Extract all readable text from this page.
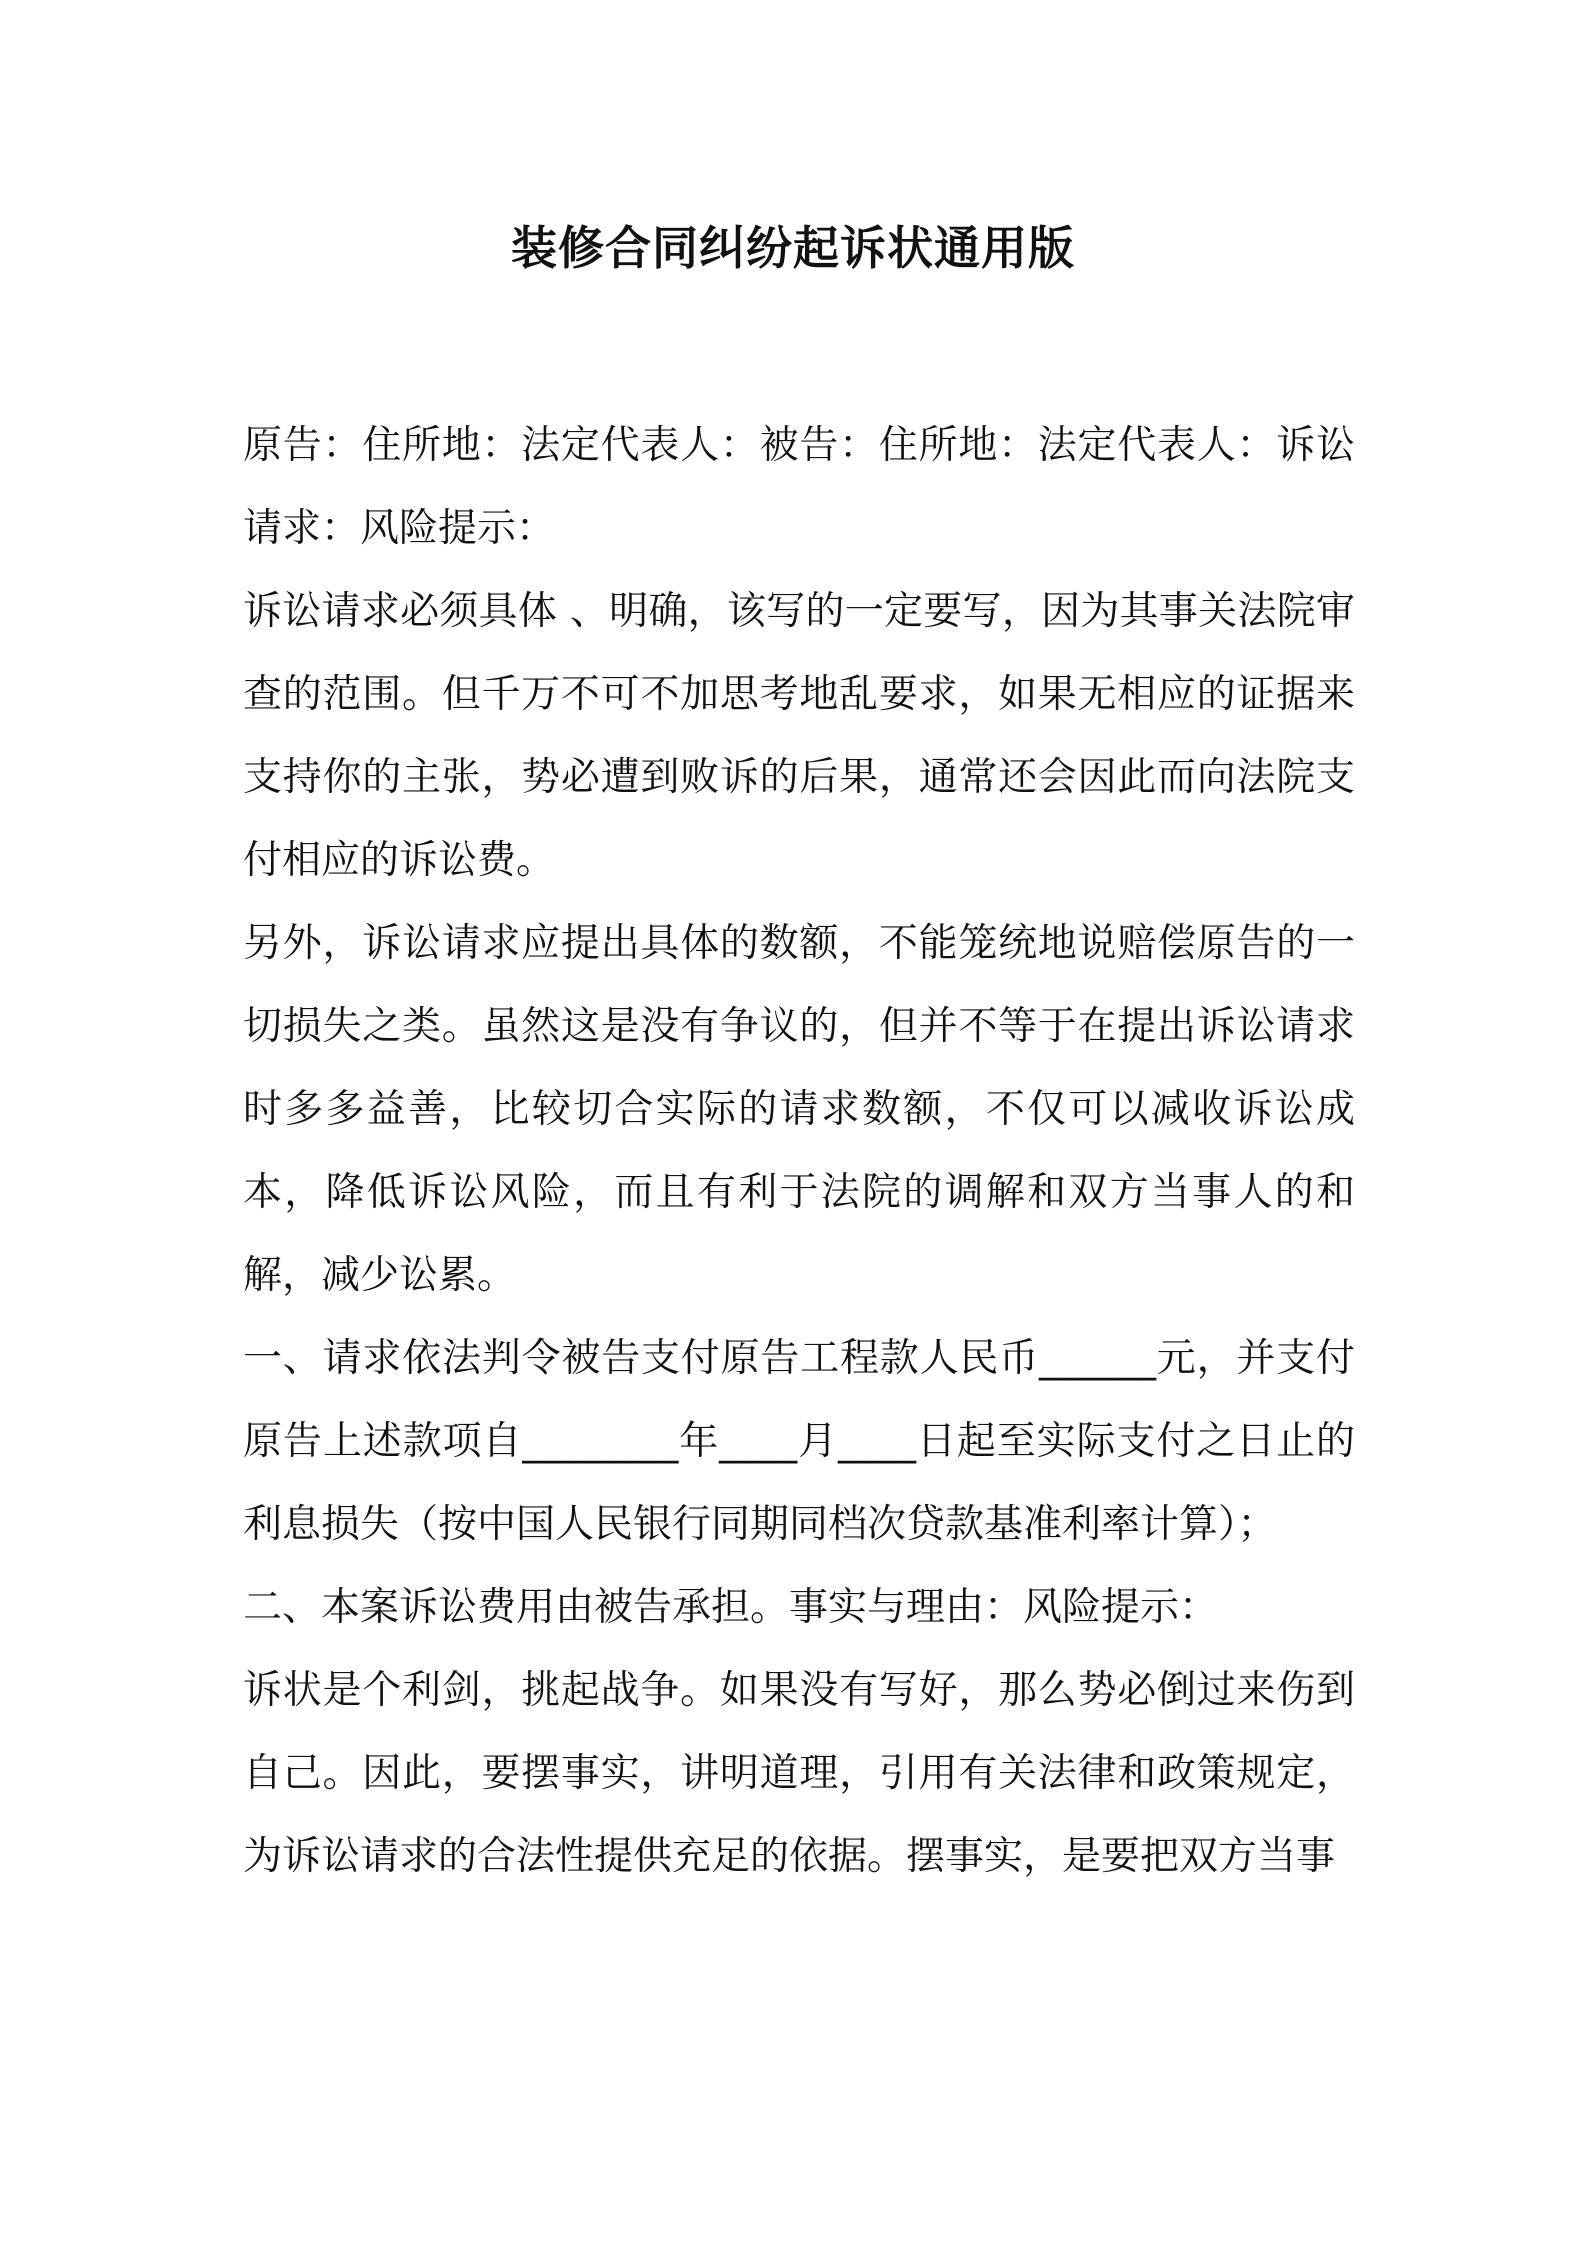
装修合同纠纷起诉状通用版

原告：住所地：法定代表人：被告：住所地：法定代表人：诉讼请求：风险提示：

诉讼请求必须具体 、明确，该写的一定要写，因为其事关法院审查的范围。但千万不可不加思考地乱要求，如果无相应的证据来支持你的主张，势必遭到败诉的后果，通常还会因此而向法院支付相应的诉讼费。

另外，诉讼请求应提出具体的数额，不能笼统地说赔偿原告的一切损失之类。虽然这是没有争议的，但并不等于在提出诉讼请求时多多益善，比较切合实际的请求数额，不仅可以减收诉讼成本，降低诉讼风险，而且有利于法院的调解和双方当事人的和解，减少讼累。

一、请求依法判令被告支付原告工程款人民币______元，并支付原告上述款项自________年____月____日起至实际支付之日止的利息损失（按中国人民银行同期同档次贷款基准利率计算）；

二、本案诉讼费用由被告承担。事实与理由：风险提示：

诉状是个利剑，挑起战争。如果没有写好，那么势必倒过来伤到自己。因此，要摆事实，讲明道理，引用有关法律和政策规定，为诉讼请求的合法性提供充足的依据。摆事实，是要把双方当事
